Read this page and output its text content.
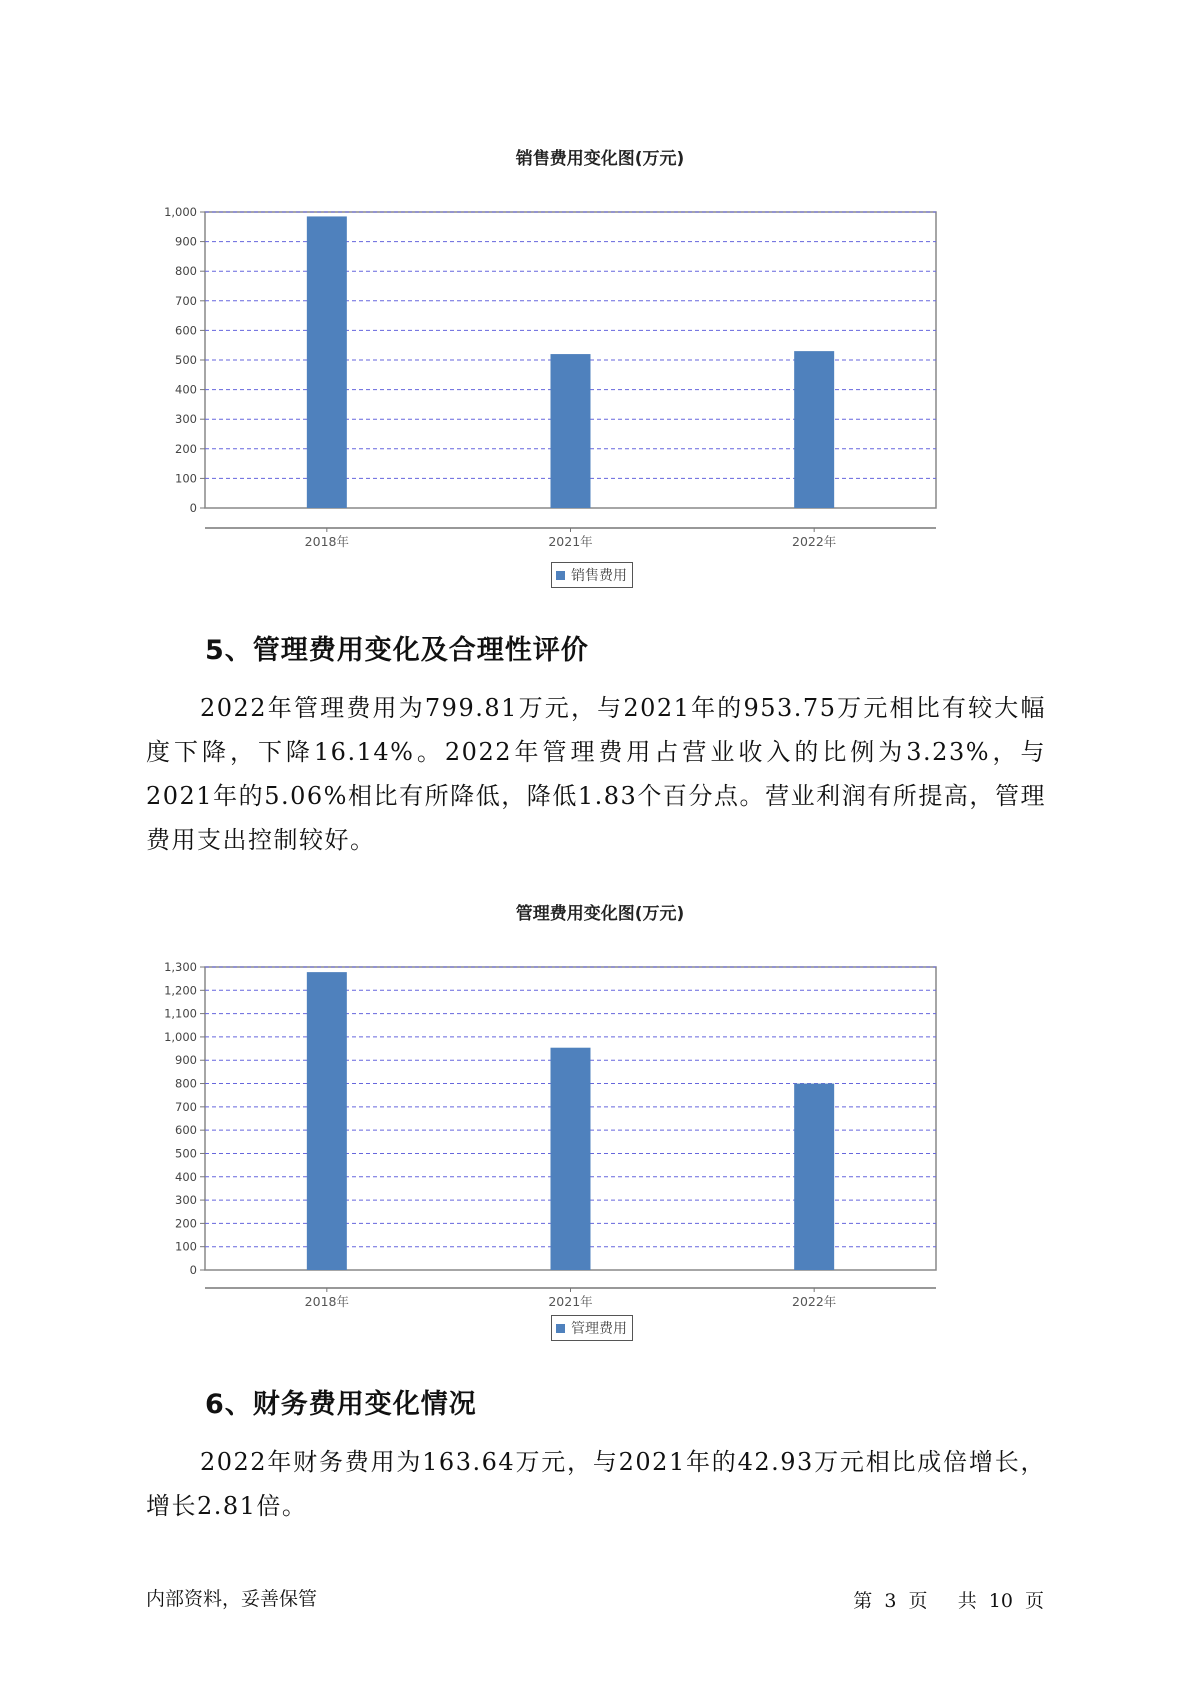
销售费用变化图(万元)
0
100
200
300
400
500
600
700
800
900
1,000
2018年	2021年	2022年
销售费用
5、管理费用变化及合理性评价
2022年管理费用为799.81万元，与2021年的953.75万元相比有较大幅度下降，下降16.14%。2022年管理费用占营业收入的比例为3.23%，与2021年的5.06%相比有所降低，降低1.83个百分点。营业利润有所提高，管理费用支出控制较好。
管理费用变化图(万元)
0
100
200
300
400
500
600
700
800
900
1,000
1,100
1,200
1,300
2018年	2021年	2022年
管理费用
6、财务费用变化情况
2022年财务费用为163.64万元，与2021年的42.93万元相比成倍增长，增长2.81倍。
内部资料，妥善保管	第 3 页 共 10 页
